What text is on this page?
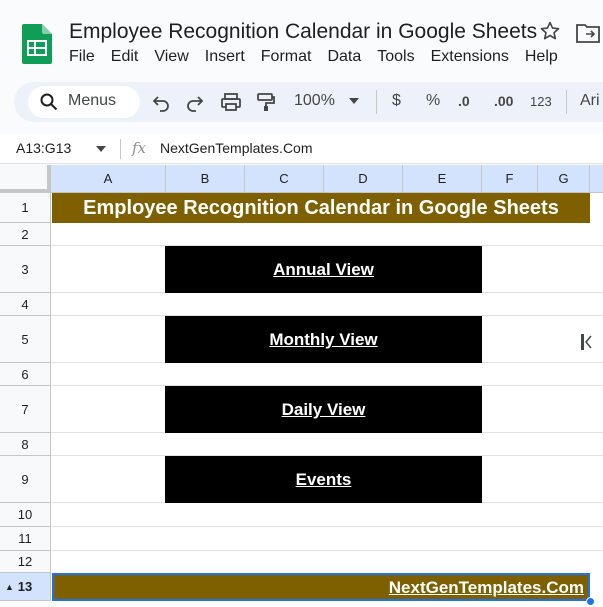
Employee Recognition Calendar in Google Sheets
File Edit View Insert Format Data Tools Extensions Help
Menus	100%	$ % .0 .00 123 Ari
A13:G13	fx NextGenTemplates.Com
A	B	C	D	E	F	G
1
2
3
4
5
6
7
8
9
10
11
12
▲ 13
Employee Recognition Calendar in Google Sheets
Annual View
Monthly View
Daily View
Events
NextGenTemplates.Com
